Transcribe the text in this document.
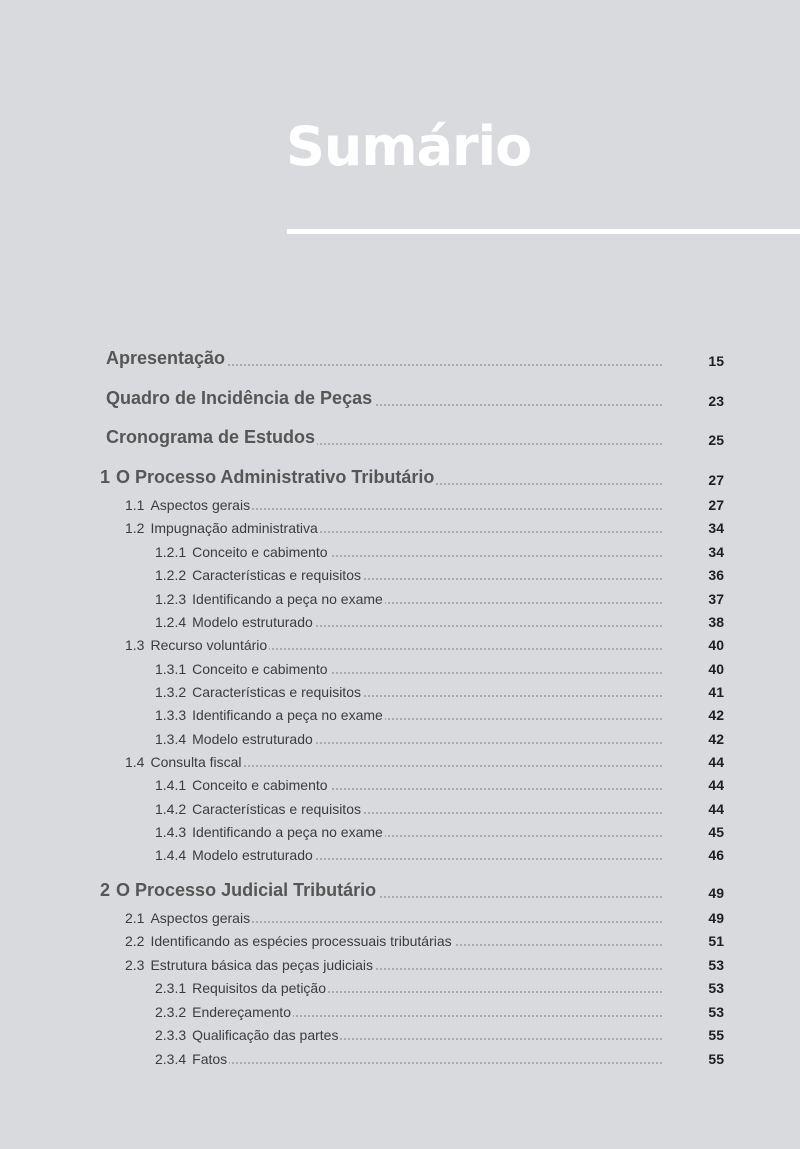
Sumário
Apresentação	15
Quadro de Incidência de Peças	23
Cronograma de Estudos	25
1 O Processo Administrativo Tributário	27
1.1 Aspectos gerais	27
1.2 Impugnação administrativa	34
1.2.1 Conceito e cabimento	34
1.2.2 Características e requisitos	36
1.2.3 Identificando a peça no exame	37
1.2.4 Modelo estruturado	38
1.3 Recurso voluntário	40
1.3.1 Conceito e cabimento	40
1.3.2 Características e requisitos	41
1.3.3 Identificando a peça no exame	42
1.3.4 Modelo estruturado	42
1.4 Consulta fiscal	44
1.4.1 Conceito e cabimento	44
1.4.2 Características e requisitos	44
1.4.3 Identificando a peça no exame	45
1.4.4 Modelo estruturado	46
2 O Processo Judicial Tributário	49
2.1 Aspectos gerais	49
2.2 Identificando as espécies processuais tributárias	51
2.3 Estrutura básica das peças judiciais	53
2.3.1 Requisitos da petição	53
2.3.2 Endereçamento	53
2.3.3 Qualificação das partes	55
2.3.4 Fatos	55
